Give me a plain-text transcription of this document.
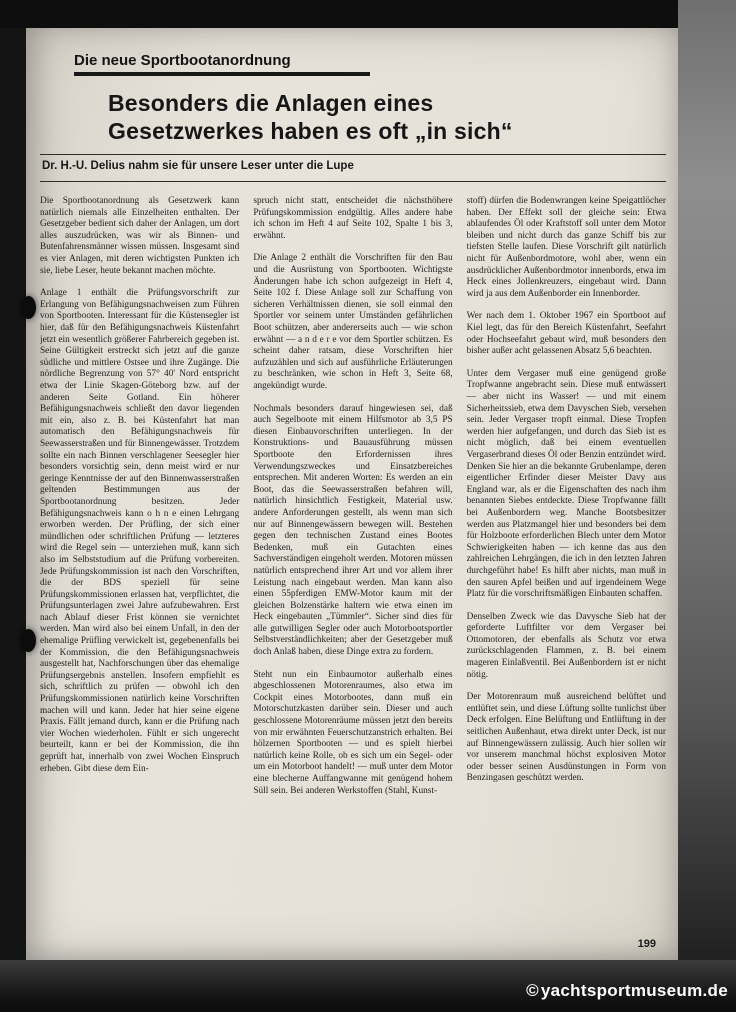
Die neue Sportbootanordnung
Besonders die Anlagen eines
Gesetzwerkes haben es oft „in sich“
Dr. H.-U. Delius nahm sie für unsere Leser unter die Lupe

Die Sportbootanordnung als Gesetzwerk kann natürlich niemals alle Einzelheiten enthalten. Der Gesetzgeber bedient sich daher der Anlagen, um dort alles auszudrücken, was wir als Binnen- und Butenfahrensmänner wissen müssen. Insgesamt sind es vier Anlagen, mit deren wichtigsten Punkten ich sie, liebe Leser, heute bekannt machen möchte.

Anlage 1 enthält die Prüfungsvorschrift zur Erlangung von Befähigungsnachweisen zum Führen von Sportbooten. Interessant für die Küstensegler ist hier, daß für den Befähigungsnachweis Küstenfahrt jetzt ein wesentlich größerer Fahrbereich gegeben ist. Seine Gültigkeit erstreckt sich jetzt auf die ganze südliche und mittlere Ostsee und ihre Zugänge. Die nördliche Begrenzung von 57° 40' Nord entspricht etwa der Linie Skagen-Göteborg bzw. auf der anderen Seite Gotland. Ein höherer Befähigungsnachweis schließt den davor liegenden mit ein, also z. B. bei Küstenfahrt hat man automatisch den Befähigungsnachweis für Seewasserstraßen und für Binnengewässer. Trotzdem sollte ein nach Binnen verschlagener Seesegler hier besonders vorsichtig sein, denn meist wird er nur geringe Kenntnisse der auf den Binnenwasserstraßen geltenden Bestimmungen aus der Sportbootanordnung besitzen. Jeder Befähigungsnachweis kann o h n e einen Lehrgang erworben werden. Der Prüfling, der sich einer mündlichen oder schriftlichen Prüfung — letzteres wird die Regel sein — unterziehen muß, kann sich also im Selbststudium auf die Prüfung vorbereiten. Jede Prüfungskommission ist nach den Vorschriften, die der BDS speziell für seine Prüfungskommissionen erlassen hat, verpflichtet, die Prüfungsunterlagen zwei Jahre aufzubewahren. Erst nach Ablauf dieser Frist können sie vernichtet werden. Man wird also bei einem Unfall, in den der ehemalige Prüfling verwickelt ist, gegebenenfalls bei der Kommission, die den Befähigungsnachweis ausgestellt hat, Nachforschungen über das ehemalige Prüfungsergebnis anstellen. Insofern empfiehlt es sich, schriftlich zu prüfen — obwohl ich den Prüfungskommissionen natürlich keine Vorschriften machen will und kann. Jeder hat hier seine eigene Praxis. Fällt jemand durch, kann er die Prüfung nach vier Wochen wiederholen. Fühlt er sich ungerecht beurteilt, kann er bei der Kommission, die ihn geprüft hat, innerhalb von zwei Wochen Einspruch erheben. Gibt diese dem Ein-

spruch nicht statt, entscheidet die nächsthöhere Prüfungskommission endgültig. Alles andere habe ich schon im Heft 4 auf Seite 102, Spalte 1 bis 3, erwähnt.

Die Anlage 2 enthält die Vorschriften für den Bau und die Ausrüstung von Sportbooten. Wichtigste Änderungen habe ich schon aufgezeigt in Heft 4, Seite 102 f. Diese Anlage soll zur Schaffung von sicheren Verhältnissen dienen, sie soll einmal den Sportler vor seinem unter Umständen gefährlichen Boot schützen, aber andererseits auch — wie schon erwähnt — a n d e r e vor dem Sportler schützen. Es scheint daher ratsam, diese Vorschriften hier aufzuzählen und sich auf ausführliche Erläuterungen zu beschränken, wie schon in Heft 3, Seite 68, angekündigt wurde.

Nochmals besonders darauf hingewiesen sei, daß auch Segelboote mit einem Hilfsmotor ab 3,5 PS diesen Einbauvorschriften unterliegen. In der Konstruktions- und Bauausführung müssen Sportboote den Erfordernissen ihres Verwendungszweckes und Einsatzbereiches entsprechen. Mit anderen Worten: Es werden an ein Boot, das die Seewasserstraßen befahren will, natürlich hinsichtlich Festigkeit, Material usw. andere Anforderungen gestellt, als wenn man sich nur auf Binnengewässern bewegen will. Bestehen gegen den technischen Zustand eines Bootes Bedenken, muß ein Gutachten eines Sachverständigen eingeholt werden. Motoren müssen natürlich entsprechend ihrer Art und vor allem ihrer Leistung nach eingebaut werden. Man kann also einen 55pferdigen EMW-Motor kaum mit der gleichen Bolzenstärke haltern wie etwa einen im Heck eingebauten „Tümmler“. Sicher sind dies für alle gutwilligen Segler oder auch Motorbootsportler Selbstverständlichkeiten; aber der Gesetzgeber muß doch Anlaß haben, diese Dinge extra zu fordern.

Steht nun ein Einbaumotor außerhalb eines abgeschlossenen Motorenraumes, also etwa im Cockpit eines Motorbootes, dann muß ein Motorschutzkasten darüber sein. Dieser und auch geschlossene Motorenräume müssen jetzt den bereits von mir erwähnten Feuerschutzanstrich erhalten. Bei hölzernen Sportbooten — und es spielt hierbei natürlich keine Rolle, ob es sich um ein Segel- oder um ein Motorboot handelt! — muß unter dem Motor eine blecherne Auffangwanne mit genügend hohem Süll sein. Bei anderen Werkstoffen (Stahl, Kunst-

stoff) dürfen die Bodenwrangen keine Speigattlöcher haben. Der Effekt soll der gleiche sein: Etwa ablaufendes Öl oder Kraftstoff soll unter dem Motor bleiben und nicht durch das ganze Schiff bis zur tiefsten Stelle laufen. Diese Vorschrift gilt natürlich nicht für Außenbordmotore, wohl aber, wenn ein ausdrücklicher Außenbordmotor innenbords, etwa im Heck eines Jollenkreuzers, eingebaut wird. Dann wird ja aus dem Außenborder ein Innenborder.

Wer nach dem 1. Oktober 1967 ein Sportboot auf Kiel legt, das für den Bereich Küstenfahrt, Seefahrt oder Hochseefahrt gebaut wird, muß besonders den bisher außer acht gelassenen Absatz 5,6 beachten.

Unter dem Vergaser muß eine genügend große Tropfwanne angebracht sein. Diese muß entwässert — aber nicht ins Wasser! — und mit einem Sicherheitssieb, etwa dem Davyschen Sieb, versehen sein. Jeder Vergaser tropft einmal. Diese Tropfen werden hier aufgefangen, und durch das Sieb ist es nicht möglich, daß bei einem eventuellen Vergaserbrand dieses Öl oder Benzin entzündet wird. Denken Sie hier an die bekannte Grubenlampe, deren eigentlicher Erfinder dieser Meister Davy aus England war, als er die Eigenschaften des nach ihm benannten Siebes entdeckte. Diese Tropfwanne fällt bei Außenbordern weg. Manche Bootsbesitzer werden aus Platzmangel hier und besonders bei dem für Holzboote erforderlichen Blech unter dem Motor Schwierigkeiten haben — ich kenne das aus den zahlreichen Lehrgängen, die ich in den letzten Jahren durchgeführt habe! Es hilft aber nichts, man muß in den sauren Apfel beißen und auf irgendeinem Wege Platz für die vorschriftsmäßigen Einbauten schaffen.

Denselben Zweck wie das Davysche Sieb hat der geforderte Luftfilter vor dem Vergaser bei Ottomotoren, der ebenfalls als Schutz vor etwa zurückschlagenden Flammen, z. B. bei einem mageren Einlaßventil. Bei Außenbordern ist er nicht nötig.

Der Motorenraum muß ausreichend belüftet und entlüftet sein, und diese Lüftung sollte tunlichst über Deck erfolgen. Eine Belüftung und Entlüftung in der seitlichen Außenhaut, etwa direkt unter Deck, ist nur auf Binnengewässern zulässig. Auch hier sollen wir vor unserem manchmal höchst explosiven Motor oder besser seinen Ausdünstungen in Form von Benzingasen geschützt werden.

199
© yachtsportmuseum.de
